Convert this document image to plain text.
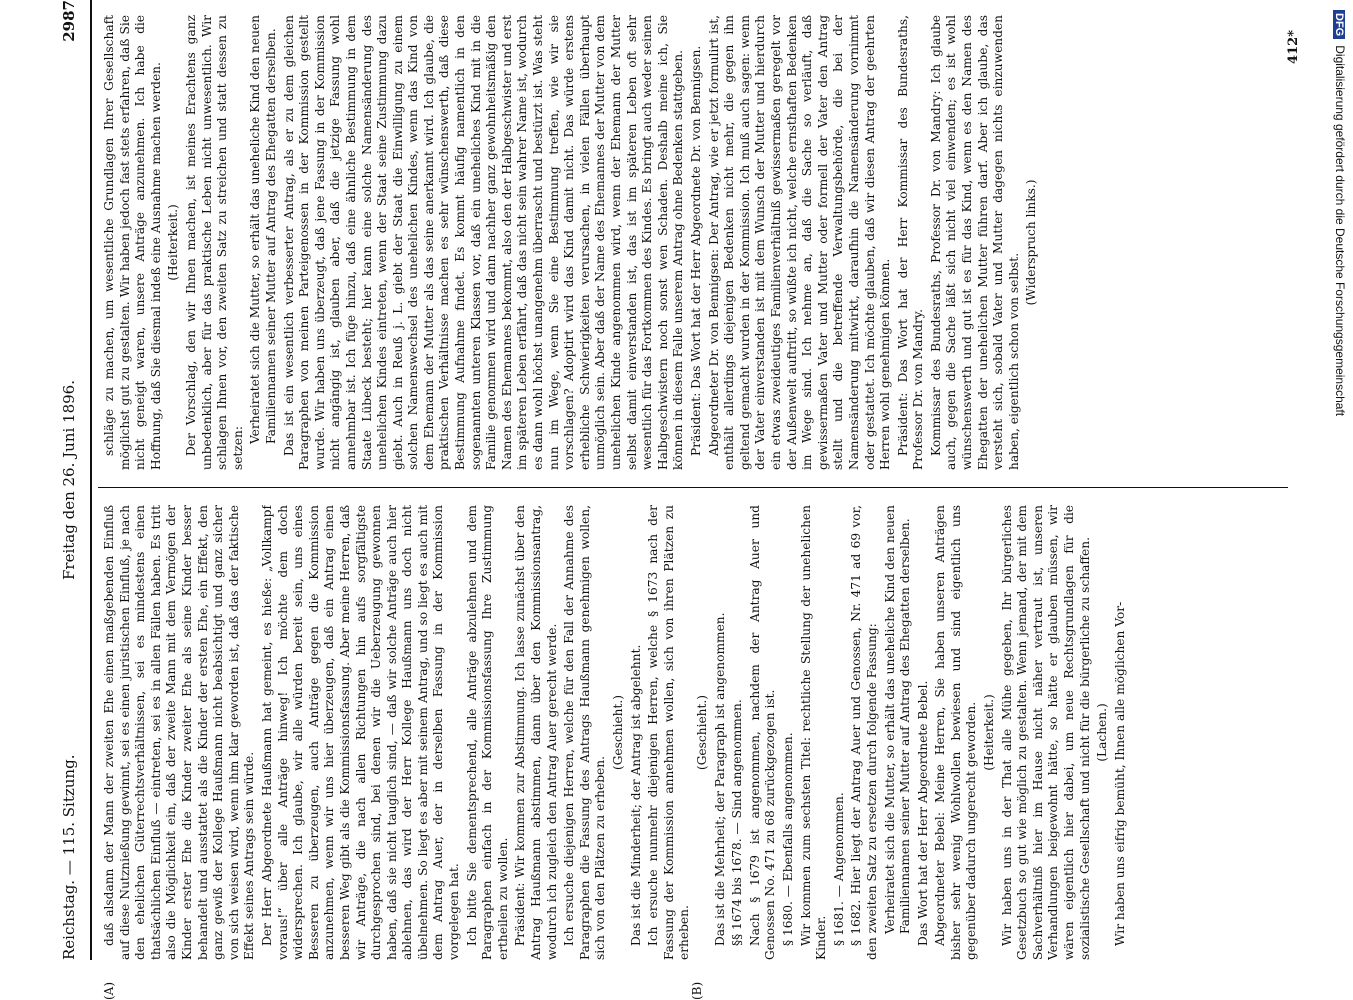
Reichstag. — 115. Sitzung.
Freitag den 26. Juni 1896.
2987
(A)	(B)

daß alsdann der Mann der zweiten Ehe einen maßgebenden Einfluß auf diese Nutznießung gewinnt, sei es einen juristischen Einfluß, je nach den ehelichen Güterrechtsverhältnissen, sei es mindestens einen thatsächlichen Einfluß — eintreten, sei es in allen Fällen haben. Es tritt also die Möglichkeit ein, daß der zweite Mann mit dem Vermögen der Kinder erster Ehe die Kinder zweiter Ehe als seine Kinder besser behandelt und ausstattet als die Kinder der ersten Ehe, ein Effekt, den ganz gewiß der Kollege Haußmann nicht beabsichtigt und ganz sicher von sich weisen wird, wenn ihm klar geworden ist, daß das der faktische Effekt seines Antrags sein würde. Der Herr Abgeordnete Haußmann hat gemeint, es hieße: „Vollkampf voraus!“ über alle Anträge hinweg! Ich möchte dem doch widersprechen. Ich glaube, wir alle würden bereit sein, uns eines Besseren zu überzeugen, auch Anträge gegen die Kommission anzunehmen, wenn wir uns hier überzeugen, daß ein Antrag einen besseren Weg gibt als die Kommissionsfassung. Aber meine Herren, daß wir Anträge, die nach allen Richtungen hin aufs sorgfältigste durchgesprochen sind, bei denen wir die Ueberzeugung gewonnen haben, daß sie nicht tauglich sind, — daß wir solche Anträge auch hier ablehnen, das wird der Herr Kollege Haußmann uns doch nicht übelnehmen. So liegt es aber mit seinem Antrag, und so liegt es auch mit dem Antrag Auer, der in derselben Fassung in der Kommission vorgelegen hat. Ich bitte Sie dementsprechend, alle Anträge abzulehnen und dem Paragraphen einfach in der Kommissionsfassung Ihre Zustimmung ertheilen zu wollen. Präsident: Wir kommen zur Abstimmung. Ich lasse zunächst über den Antrag Haußmann abstimmen, dann über den Kommissionsantrag, wodurch ich zugleich den Antrag Auer gerecht werde. Ich ersuche diejenigen Herren, welche für den Fall der Annahme des Paragraphen die Fassung des Antrags Haußmann genehmigen wollen, sich von den Plätzen zu erheben.

(Geschieht.) Das ist die Minderheit; der Antrag ist abgelehnt. Ich ersuche nunmehr diejenigen Herren, welche § 1673 nach der Fassung der Kommission annehmen wollen, sich von ihren Plätzen zu erheben.

(Geschieht.) Das ist die Mehrheit; der Paragraph ist angenommen. §§ 1674 bis 1678. — Sind angenommen. Nach § 1679 ist angenommen, nachdem der Antrag Auer und Genossen No. 471 zu 68 zurückgezogen ist. § 1680. — Ebenfalls angenommen. Wir kommen zum sechsten Titel: rechtliche Stellung der unehelichen Kinder. § 1681. — Angenommen. § 1682. Hier liegt der Antrag Auer und Genossen, Nr. 471 ad 69 vor, den zweiten Satz zu ersetzen durch folgende Fassung: Verheiratet sich die Mutter, so erhält das uneheliche Kind den neuen Familiennamen seiner Mutter auf Antrag des Ehegatten derselben. Das Wort hat der Herr Abgeordnete Bebel. Abgeordneter Bebel: Meine Herren, Sie haben unseren Anträgen bisher sehr wenig Wohlwollen bewiesen und sind eigentlich uns gegenüber dadurch ungerecht geworden. (Heiterkeit.) Wir haben uns in der That alle Mühe gegeben, Ihr bürgerliches Gesetzbuch so gut wie möglich zu gestalten. Wenn jemand, der mit dem Sachverhältniß hier im Hause nicht näher vertraut ist, unseren Verhandlungen beigewohnt hätte, so hätte er glauben müssen, wir wären eigentlich hier dabei, um neue Rechtsgrundlagen für die sozialistische Gesellschaft und nicht für die bürgerliche zu schaffen. (Lachen.) Wir haben uns eifrig bemüht, Ihnen alle möglichen Vor-

schläge zu machen, um wesentliche Grundlagen Ihrer Gesellschaft möglichst gut zu gestalten. Wir haben jedoch fast stets erfahren, daß Sie nicht geneigt waren, unsere Anträge anzunehmen. Ich habe die Hoffnung, daß Sie diesmal indeß eine Ausnahme machen werden. (Heiterkeit.) Der Vorschlag, den wir Ihnen machen, ist meines Erachtens ganz unbedenklich, aber für das praktische Leben nicht unwesentlich. Wir schlagen Ihnen vor, den zweiten Satz zu streichen und statt dessen zu setzen:

Verheiratet sich die Mutter, so erhält das uneheliche Kind den neuen Familiennamen seiner Mutter auf Antrag des Ehegatten derselben. Das ist ein wesentlich verbesserter Antrag, als er zu dem gleichen Paragraphen von meinen Parteigenossen in der Kommission gestellt wurde. Wir haben uns überzeugt, daß jene Fassung in der Kommission nicht angängig ist, glauben aber, daß die jetzige Fassung wohl annehmbar ist. Ich füge hinzu, daß eine ähnliche Bestimmung in dem Staate Lübeck besteht; hier kann eine solche Namensänderung des unehelichen Kindes eintreten, wenn der Staat seine Zustimmung dazu giebt. Auch in Reuß j. L. giebt der Staat die Einwilligung zu einem solchen Namenswechsel des unehelichen Kindes, wenn das Kind von dem Ehemann der Mutter als das seine anerkannt wird. Ich glaube, die praktischen Verhältnisse machen es sehr wünschenswerth, daß diese Bestimmung Aufnahme findet. Es kommt häufig namentlich in den sogenannten unteren Klassen vor, daß ein uneheliches Kind mit in die Familie genommen wird und dann nachher ganz gewohnheitsmäßig den Namen des Ehemannes bekommt, also den der Halbgeschwister und erst im späteren Leben erfährt, daß das nicht sein wahrer Name ist, wodurch es dann wohl höchst unangenehm überrascht und bestürzt ist. Was steht nun im Wege, wenn Sie eine Bestimmung treffen, wie wir sie vorschlagen? Adoptirt wird das Kind damit nicht. Das würde erstens erhebliche Schwierigkeiten verursachen, in vielen Fällen überhaupt unmöglich sein. Aber daß der Name des Ehemannes der Mutter von dem unehelichen Kinde angenommen wird, wenn der Ehemann der Mutter selbst damit einverstanden ist, das ist im späteren Leben oft sehr wesentlich für das Fortkommen des Kindes. Es bringt auch weder seinen Halbgeschwistern noch sonst wen Schaden. Deshalb meine ich, Sie können in diesem Falle unserem Antrag ohne Bedenken stattgeben. Präsident: Das Wort hat der Herr Abgeordnete Dr. von Bennigsen. Abgeordneter Dr. von Bennigsen: Der Antrag, wie er jetzt formulirt ist, enthält allerdings diejenigen Bedenken nicht mehr, die gegen ihn geltend gemacht wurden in der Kommission. Ich muß auch sagen: wenn der Vater einverstanden ist mit dem Wunsch der Mutter und hierdurch ein etwas zweideutiges Familienverhältniß gewissermaßen geregelt vor der Außenwelt auftritt, so wüßte ich nicht, welche ernsthaften Bedenken im Wege sind. Ich nehme an, daß die Sache so verläuft, daß gewissermaßen Vater und Mutter oder formell der Vater den Antrag stellt und die betreffende Verwaltungsbehörde, die bei der Namensänderung mitwirkt, daraufhin die Namensänderung vornimmt oder gestattet. Ich möchte glauben, daß wir diesen Antrag der geehrten Herren wohl genehmigen können. Präsident: Das Wort hat der Herr Kommissar des Bundesraths, Professor Dr. von Mandry. Kommissar des Bundesraths, Professor Dr. von Mandry: Ich glaube auch, gegen die Sache läßt sich nicht viel einwenden; es ist wohl wünschenswerth und gut ist es für das Kind, wenn es den Namen des Ehegatten der unehelichen Mutter führen darf. Aber ich glaube, das versteht sich, sobald Vater und Mutter dagegen nichts einzuwenden haben, eigentlich schon von selbst.

(Widerspruch links.)

412*
DFGDigitalisierung gefördert durch die Deutsche Forschungsgemeinschaft
